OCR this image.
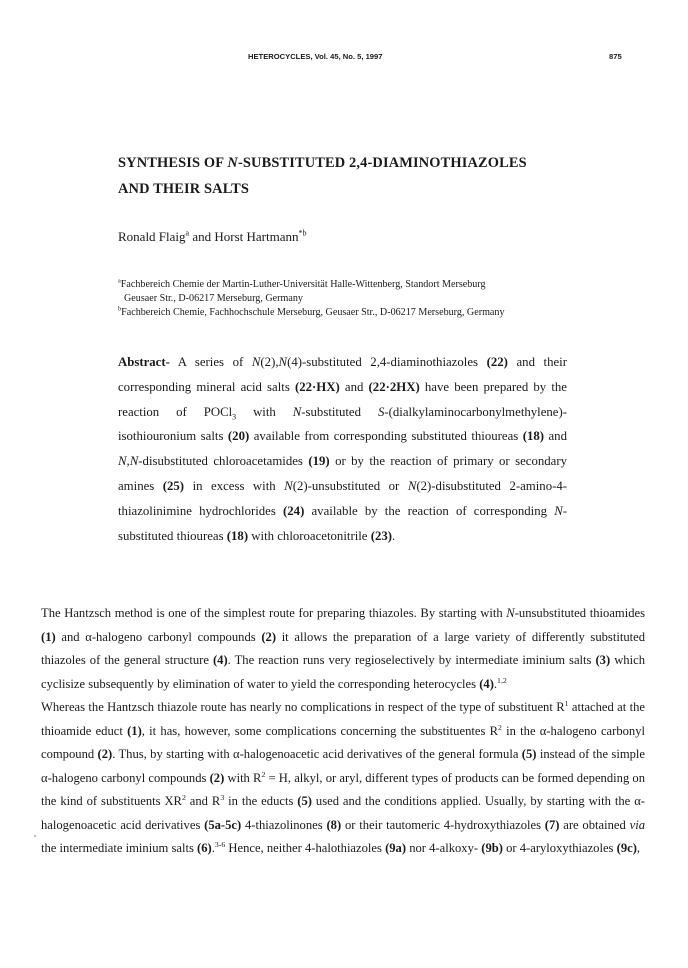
HETEROCYCLES, Vol. 45, No. 5, 1997	875
SYNTHESIS OF N-SUBSTITUTED 2,4-DIAMINOTHIAZOLES
AND THEIR SALTS
Ronald Flaig$^a$ and Horst Hartmann$^{*b}$
$^a$Fachbereich Chemie der Martin-Luther-Universität Halle-Wittenberg, Standort Merseburg
Geusaer Str., D-06217 Merseburg, Germany
$^b$Fachbereich Chemie, Fachhochschule Merseburg, Geusaer Str., D-06217 Merseburg, Germany
Abstract- A series of N(2),N(4)-substituted 2,4-diaminothiazoles (22) and their corresponding mineral acid salts (22·HX) and (22·2HX) have been prepared by the reaction of POCl$_3$ with N-substituted S-(dialkylaminocarbonylmethylene)-isothiouronium salts (20) available from corresponding substituted thioureas (18) and N,N-disubstituted chloroacetamides (19) or by the reaction of primary or secondary amines (25) in excess with N(2)-unsubstituted or N(2)-disubstituted 2-amino-4-thiazolinimine hydrochlorides (24) available by the reaction of corresponding N-substituted thioureas (18) with chloroacetonitrile (23).

The Hantzsch method is one of the simplest route for preparing thiazoles. By starting with N-unsubstituted thioamides (1) and α-halogeno carbonyl compounds (2) it allows the preparation of a large variety of differently substituted thiazoles of the general structure (4). The reaction runs very regioselectively by intermediate iminium salts (3) which cyclisize subsequently by elimination of water to yield the corresponding heterocycles (4).$^{1,2}$

Whereas the Hantzsch thiazole route has nearly no complications in respect of the type of substituent $R^1$ attached at the thioamide educt (1), it has, however, some complications concerning the substituentes $R^2$ in the α-halogeno carbonyl compound (2). Thus, by starting with α-halogenoacetic acid derivatives of the general formula (5) instead of the simple α-halogeno carbonyl compounds (2) with $R^2 = H$, alkyl, or aryl, different types of products can be formed depending on the kind of substituents $XR^2$ and $R^3$ in the educts (5) used and the conditions applied. Usually, by starting with the α-halogenoacetic acid derivatives (5a-5c) 4-thiazolinones (8) or their tautomeric 4-hydroxythiazoles (7) are obtained via the intermediate iminium salts (6).$^{3-6}$ Hence, neither 4-halothiazoles (9a) nor 4-alkoxy- (9b) or 4-aryloxythiazoles (9c),
